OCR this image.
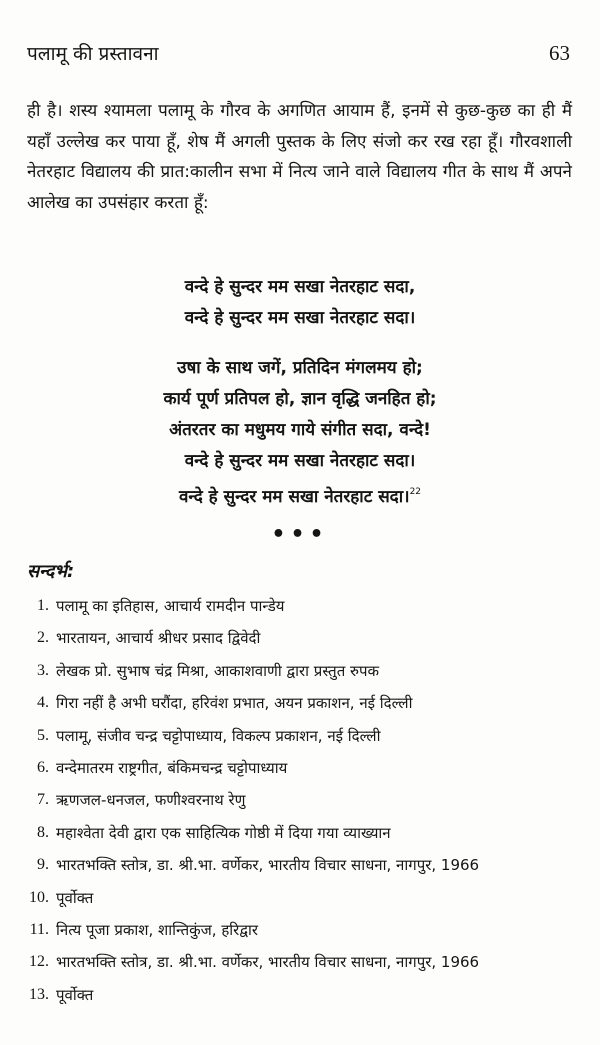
पलामू की प्रस्तावना	63
ही है। शस्य श्यामला पलामू के गौरव के अगणित आयाम हैं, इनमें से कुछ-कुछ का ही मैं यहाँ उल्लेख कर पाया हूँ, शेष मैं अगली पुस्तक के लिए संजो कर रख रहा हूँ। गौरवशाली नेतरहाट विद्यालय की प्रात:कालीन सभा में नित्य जाने वाले विद्यालय गीत के साथ मैं अपने आलेख का उपसंहार करता हूँ:
वन्दे हे सुन्दर मम सखा नेतरहाट सदा,
वन्दे हे सुन्दर मम सखा नेतरहाट सदा।
उषा के साथ जगें, प्रतिदिन मंगलमय हो;
कार्य पूर्ण प्रतिपल हो, ज्ञान वृद्धि जनहित हो;
अंतरतर का मधुमय गाये संगीत सदा, वन्दे!
वन्दे हे सुन्दर मम सखा नेतरहाट सदा।
वन्दे हे सुन्दर मम सखा नेतरहाट सदा।$^{22}$
•••
सन्दर्भ:
1. पलामू का इतिहास, आचार्य रामदीन पान्डेय
2. भारतायन, आचार्य श्रीधर प्रसाद द्विवेदी
3. लेखक प्रो. सुभाष चंद्र मिश्रा, आकाशवाणी द्वारा प्रस्तुत रुपक
4. गिरा नहीं है अभी घरौंदा, हरिवंश प्रभात, अयन प्रकाशन, नई दिल्ली
5. पलामू, संजीव चन्द्र चट्टोपाध्याय, विकल्प प्रकाशन, नई दिल्ली
6. वन्देमातरम राष्ट्रगीत, बंकिमचन्द्र चट्टोपाध्याय
7. ऋणजल-धनजल, फणीश्वरनाथ रेणु
8. महाश्वेता देवी द्वारा एक साहित्यिक गोष्ठी में दिया गया व्याख्यान
9. भारतभक्ति स्तोत्र, डा. श्री.भा. वर्णेकर, भारतीय विचार साधना, नागपुर, 1966
10. पूर्वोक्त
11. नित्य पूजा प्रकाश, शान्तिकुंज, हरिद्वार
12. भारतभक्ति स्तोत्र, डा. श्री.भा. वर्णेकर, भारतीय विचार साधना, नागपुर, 1966
13. पूर्वोक्त
